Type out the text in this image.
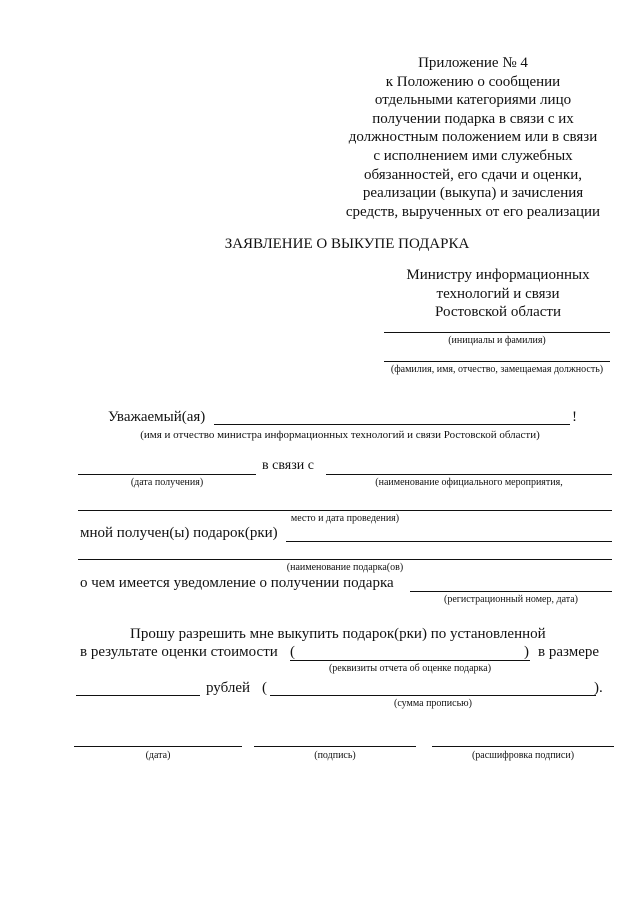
Приложение № 4
к Положению о сообщении
отдельными категориями лицо
получении подарка в связи с их
должностным положением или в связи
с исполнением ими служебных
обязанностей, его сдачи и оценки,
реализации (выкупа) и зачисления
средств, вырученных от его реализации
ЗАЯВЛЕНИЕ О ВЫКУПЕ ПОДАРКА
Министру информационных
технологий и связи
Ростовской области
(инициалы и фамилия)
(фамилия, имя, отчество, замещаемая должность)
Уважаемый(ая)	!
(имя и отчество министра информационных технологий и связи Ростовской области)
в связи с
(дата получения)	(наименование официального мероприятия,
место и дата проведения)
мной получен(ы) подарок(рки)
(наименование подарка(ов)
о чем имеется уведомление о получении подарка
(регистрационный номер, дата)
Прошу разрешить мне выкупить подарок(рки) по установленной
в результате оценки стоимости (	) в размере
(реквизиты отчета об оценке подарка)
рублей (	).
(сумма прописью)
(дата)	(подпись)	(расшифровка подписи)
